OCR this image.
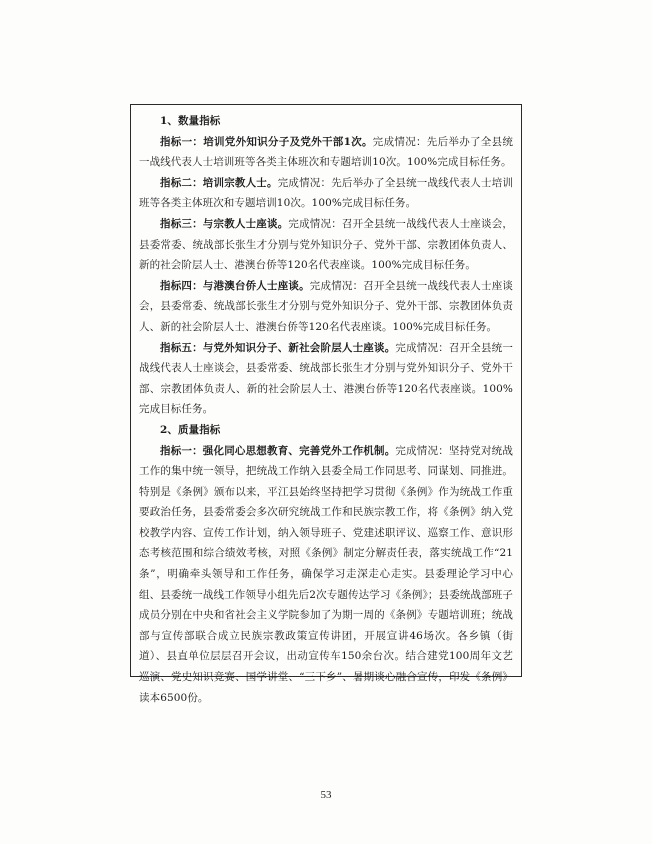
1、数量指标

指标一：培训党外知识分子及党外干部1次。完成情况：先后举办了全县统一战线代表人士培训班等各类主体班次和专题培训10次。100%完成目标任务。

指标二：培训宗教人士。完成情况：先后举办了全县统一战线代表人士培训班等各类主体班次和专题培训10次。100%完成目标任务。

指标三：与宗教人士座谈。完成情况：召开全县统一战线代表人士座谈会，县委常委、统战部长张生才分别与党外知识分子、党外干部、宗教团体负责人、新的社会阶层人士、港澳台侨等120名代表座谈。100%完成目标任务。

指标四：与港澳台侨人士座谈。完成情况：召开全县统一战线代表人士座谈会，县委常委、统战部长张生才分别与党外知识分子、党外干部、宗教团体负责人、新的社会阶层人士、港澳台侨等120名代表座谈。100%完成目标任务。

指标五：与党外知识分子、新社会阶层人士座谈。完成情况：召开全县统一战线代表人士座谈会，县委常委、统战部长张生才分别与党外知识分子、党外干部、宗教团体负责人、新的社会阶层人士、港澳台侨等120名代表座谈。100%完成目标任务。

2、质量指标

指标一：强化同心思想教育、完善党外工作机制。完成情况：坚持党对统战工作的集中统一领导，把统战工作纳入县委全局工作同思考、同谋划、同推进。特别是《条例》颁布以来，平江县始终坚持把学习贯彻《条例》作为统战工作重要政治任务，县委常委会多次研究统战工作和民族宗教工作，将《条例》纳入党校教学内容、宣传工作计划，纳入领导班子、党建述职评议、巡察工作、意识形态考核范围和综合绩效考核，对照《条例》制定分解责任表，落实统战工作“21条”，明确牵头领导和工作任务，确保学习走深走心走实。县委理论学习中心组、县委统一战线工作领导小组先后2次专题传达学习《条例》；县委统战部班子成员分别在中央和省社会主义学院参加了为期一周的《条例》专题培训班；统战部与宣传部联合成立民族宗教政策宣传讲团，开展宣讲46场次。各乡镇（街道）、县直单位层层召开会议，出动宣传车150余台次。结合建党100周年文艺巡演、党史知识竞赛、国学讲堂、“三下乡”、暑期谈心融合宣传，印发《条例》读本6500份。

53
